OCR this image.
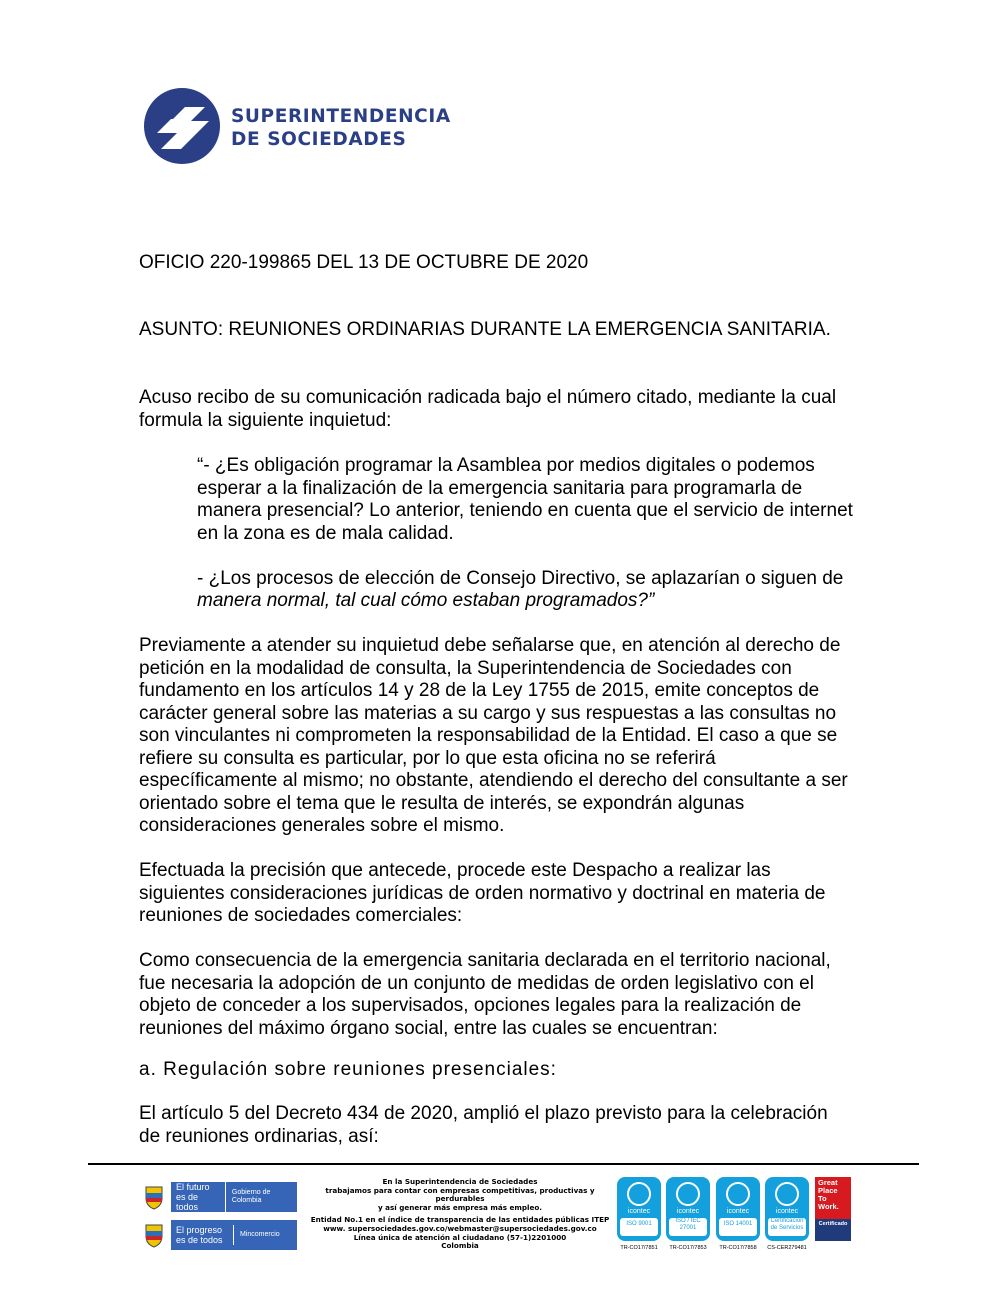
SUPERINTENDENCIA
DE SOCIEDADES
OFICIO 220-199865 DEL 13 DE OCTUBRE DE 2020
ASUNTO: REUNIONES ORDINARIAS DURANTE LA EMERGENCIA SANITARIA.
Acuso recibo de su comunicación radicada bajo el número citado, mediante la cual
formula la siguiente inquietud:
“- ¿Es obligación programar la Asamblea por medios digitales o podemos
esperar a la finalización de la emergencia sanitaria para programarla de
manera presencial? Lo anterior, teniendo en cuenta que el servicio de internet
en la zona es de mala calidad.
- ¿Los procesos de elección de Consejo Directivo, se aplazarían o siguen de
manera normal, tal cual cómo estaban programados?”
Previamente a atender su inquietud debe señalarse que, en atención al derecho de
petición en la modalidad de consulta, la Superintendencia de Sociedades con
fundamento en los artículos 14 y 28 de la Ley 1755 de 2015, emite conceptos de
carácter general sobre las materias a su cargo y sus respuestas a las consultas no
son vinculantes ni comprometen la responsabilidad de la Entidad. El caso a que se
refiere su consulta es particular, por lo que esta oficina no se referirá
específicamente al mismo; no obstante, atendiendo el derecho del consultante a ser
orientado sobre el tema que le resulta de interés, se expondrán algunas
consideraciones generales sobre el mismo.
Efectuada la precisión que antecede, procede este Despacho a realizar las
siguientes consideraciones jurídicas de orden normativo y doctrinal en materia de
reuniones de sociedades comerciales:
Como consecuencia de la emergencia sanitaria declarada en el territorio nacional,
fue necesaria la adopción de un conjunto de medidas de orden legislativo con el
objeto de conceder a los supervisados, opciones legales para la realización de
reuniones del máximo órgano social, entre las cuales se encuentran:
a. Regulación sobre reuniones presenciales:
El artículo 5 del Decreto 434 de 2020, amplió el plazo previsto para la celebración
de reuniones ordinarias, así:
El futuro es de todos
Gobierno de Colombia
El progreso es de todos
Mincomercio
En la Superintendencia de Sociedades
trabajamos para contar con empresas competitivas, productivas y perdurables
y así generar más empresa más empleo.
Entidad No.1 en el índice de transparencia de las entidades públicas ITEP
www. supersociedades.gov.co/webmaster@supersociedades.gov.co
Línea única de atención al ciudadano (57-1)2201000
Colombia
icontec
ISO 9001
TR-CO17/7851
icontec
ISO / IEC 27001
TR-CO17/7853
icontec
ISO 14001
TR-CO17/7858
icontec
Certificación de Servicios
CS-CER279481
Great Place To Work.
Certificado
